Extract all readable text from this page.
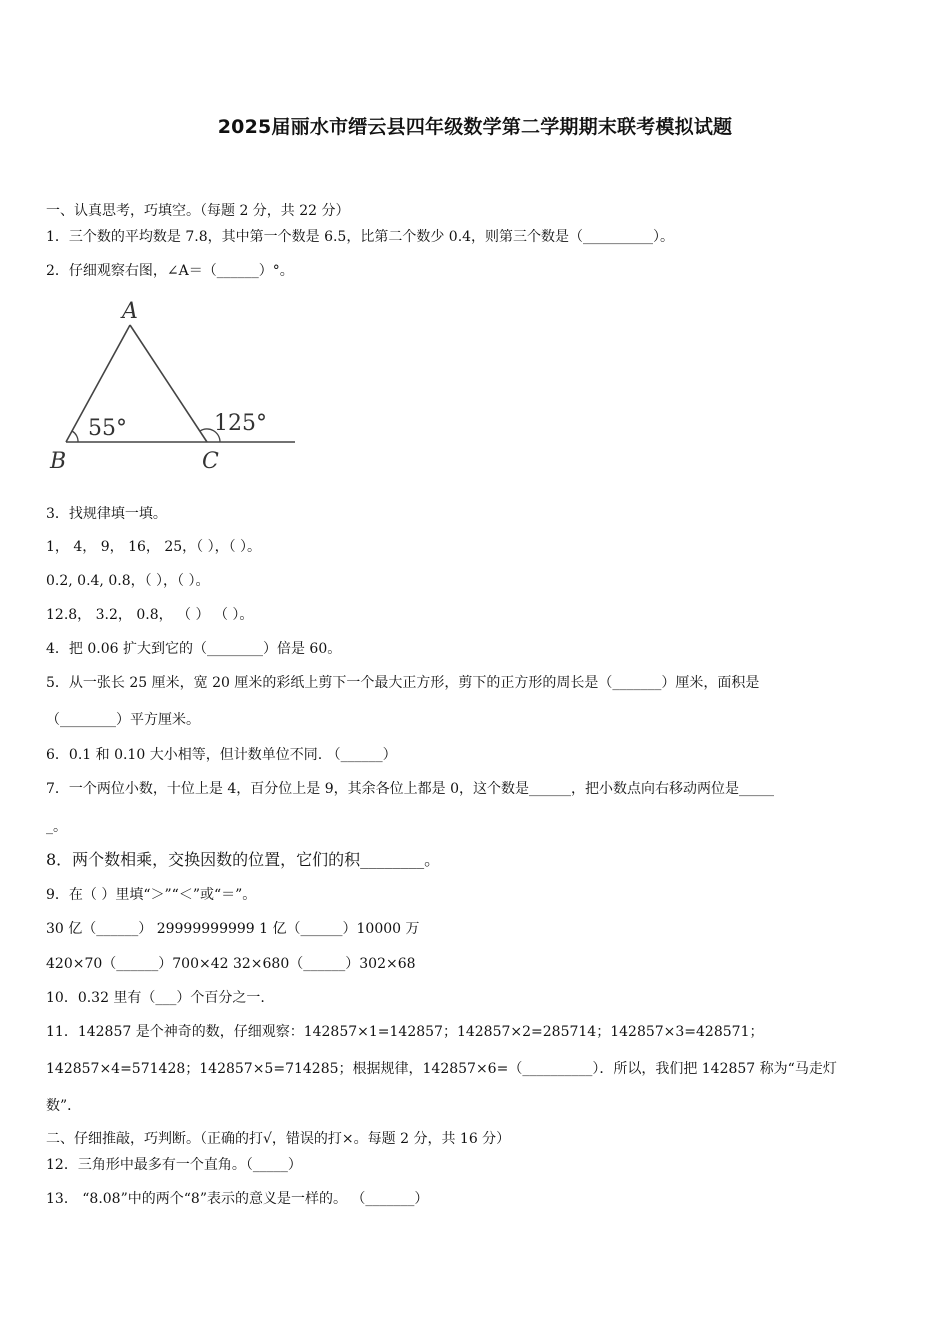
2025届丽水市缙云县四年级数学第二学期期末联考模拟试题
一、认真思考，巧填空。（每题 2 分，共 22 分）
1．三个数的平均数是 7.8，其中第一个数是 6.5，比第二个数少 0.4，则第三个数是（__________）。
2．仔细观察右图，∠A＝（______）°。
A
B	C
55°	125°
3．找规律填一填。
1， 4， 9， 16， 25，（ ），（ ）。
0.2, 0.4, 0.8，（ ），（ ）。
12.8， 3.2， 0.8， （ ） （ ）。
4．把 0.06 扩大到它的（________）倍是 60。
5．从一张长 25 厘米，宽 20 厘米的彩纸上剪下一个最大正方形，剪下的正方形的周长是（_______）厘米，面积是
（________）平方厘米。
6．0.1 和 0.10 大小相等，但计数单位不同. （______）
7．一个两位小数，十位上是 4，百分位上是 9，其余各位上都是 0，这个数是______，把小数点向右移动两位是_____
_。
8．两个数相乘，交换因数的位置，它们的积________。
9．在（ ）里填“＞”“＜”或“＝”。
30 亿（______） 29999999999 1 亿（______）10000 万
420×70（______）700×42 32×680（______）302×68
10．0.32 里有（___）个百分之一.
11．142857 是个神奇的数，仔细观察：142857×1=142857；142857×2=285714；142857×3=428571；
142857×4=571428；142857×5=714285；根据规律，142857×6=（__________）．所以，我们把 142857 称为“马走灯
数”．
二、仔细推敲，巧判断。（正确的打√，错误的打×。每题 2 分，共 16 分）
12．三角形中最多有一个直角。（_____）
13． “8.08”中的两个“8”表示的意义是一样的。 （_______）
